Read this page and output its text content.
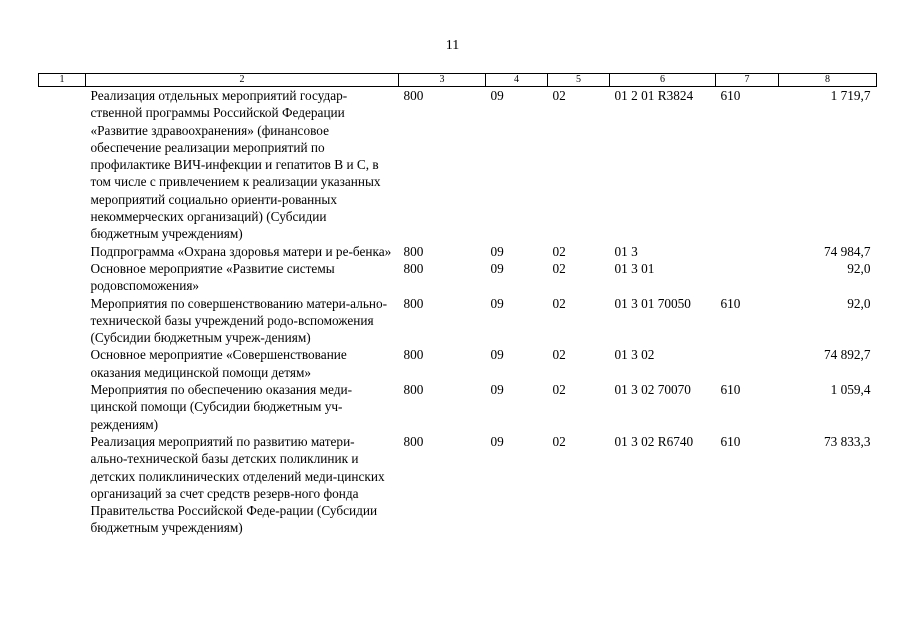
11
1	2	3	4	5	6	7	8
	Реализация отдельных мероприятий государ-ственной программы Российской Федерации «Развитие здравоохранения» (финансовое обеспечение реализации мероприятий по профилактике ВИЧ-инфекции и гепатитов В и С, в том числе с привлечением к реализации указанных мероприятий социально ориенти-рованных некоммерческих организаций) (Субсидии бюджетным учреждениям)	800	09	02	01 2 01 R3824	610	1 719,7
	Подпрограмма «Охрана здоровья матери и ре-бенка»	800	09	02	01 3		74 984,7
	Основное мероприятие «Развитие системы родовспоможения»	800	09	02	01 3 01		92,0
	Мероприятия по совершенствованию матери-ально-технической базы учреждений родо-вспоможения (Субсидии бюджетным учреж-дениям)	800	09	02	01 3 01 70050	610	92,0
	Основное мероприятие «Совершенствование оказания медицинской помощи детям»	800	09	02	01 3 02		74 892,7
	Мероприятия по обеспечению оказания меди-цинской помощи (Субсидии бюджетным уч-реждениям)	800	09	02	01 3 02 70070	610	1 059,4
	Реализация мероприятий по развитию матери-ально-технической базы детских поликлиник и детских поликлинических отделений меди-цинских организаций за счет средств резерв-ного фонда Правительства Российской Феде-рации (Субсидии бюджетным учреждениям)	800	09	02	01 3 02 R6740	610	73 833,3
